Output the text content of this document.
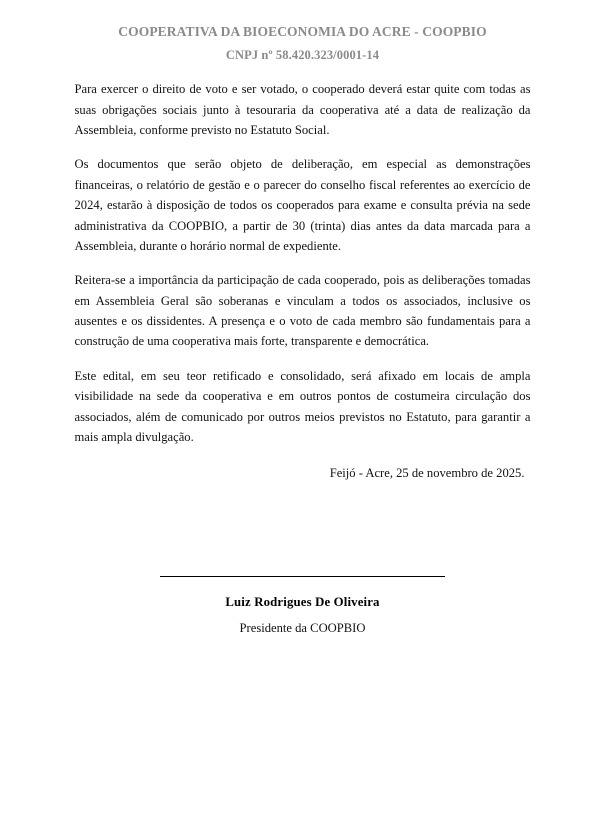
COOPERATIVA DA BIOECONOMIA DO ACRE - COOPBIO
CNPJ nº 58.420.323/0001-14

Para exercer o direito de voto e ser votado, o cooperado deverá estar quite com todas as suas obrigações sociais junto à tesouraria da cooperativa até a data de realização da Assembleia, conforme previsto no Estatuto Social.

Os documentos que serão objeto de deliberação, em especial as demonstrações financeiras, o relatório de gestão e o parecer do conselho fiscal referentes ao exercício de 2024, estarão à disposição de todos os cooperados para exame e consulta prévia na sede administrativa da COOPBIO, a partir de 30 (trinta) dias antes da data marcada para a Assembleia, durante o horário normal de expediente.

Reitera-se a importância da participação de cada cooperado, pois as deliberações tomadas em Assembleia Geral são soberanas e vinculam a todos os associados, inclusive os ausentes e os dissidentes. A presença e o voto de cada membro são fundamentais para a construção de uma cooperativa mais forte, transparente e democrática.

Este edital, em seu teor retificado e consolidado, será afixado em locais de ampla visibilidade na sede da cooperativa e em outros pontos de costumeira circulação dos associados, além de comunicado por outros meios previstos no Estatuto, para garantir a mais ampla divulgação.

Feijó - Acre, 25 de novembro de 2025.
Luiz Rodrigues De Oliveira
Presidente da COOPBIO
